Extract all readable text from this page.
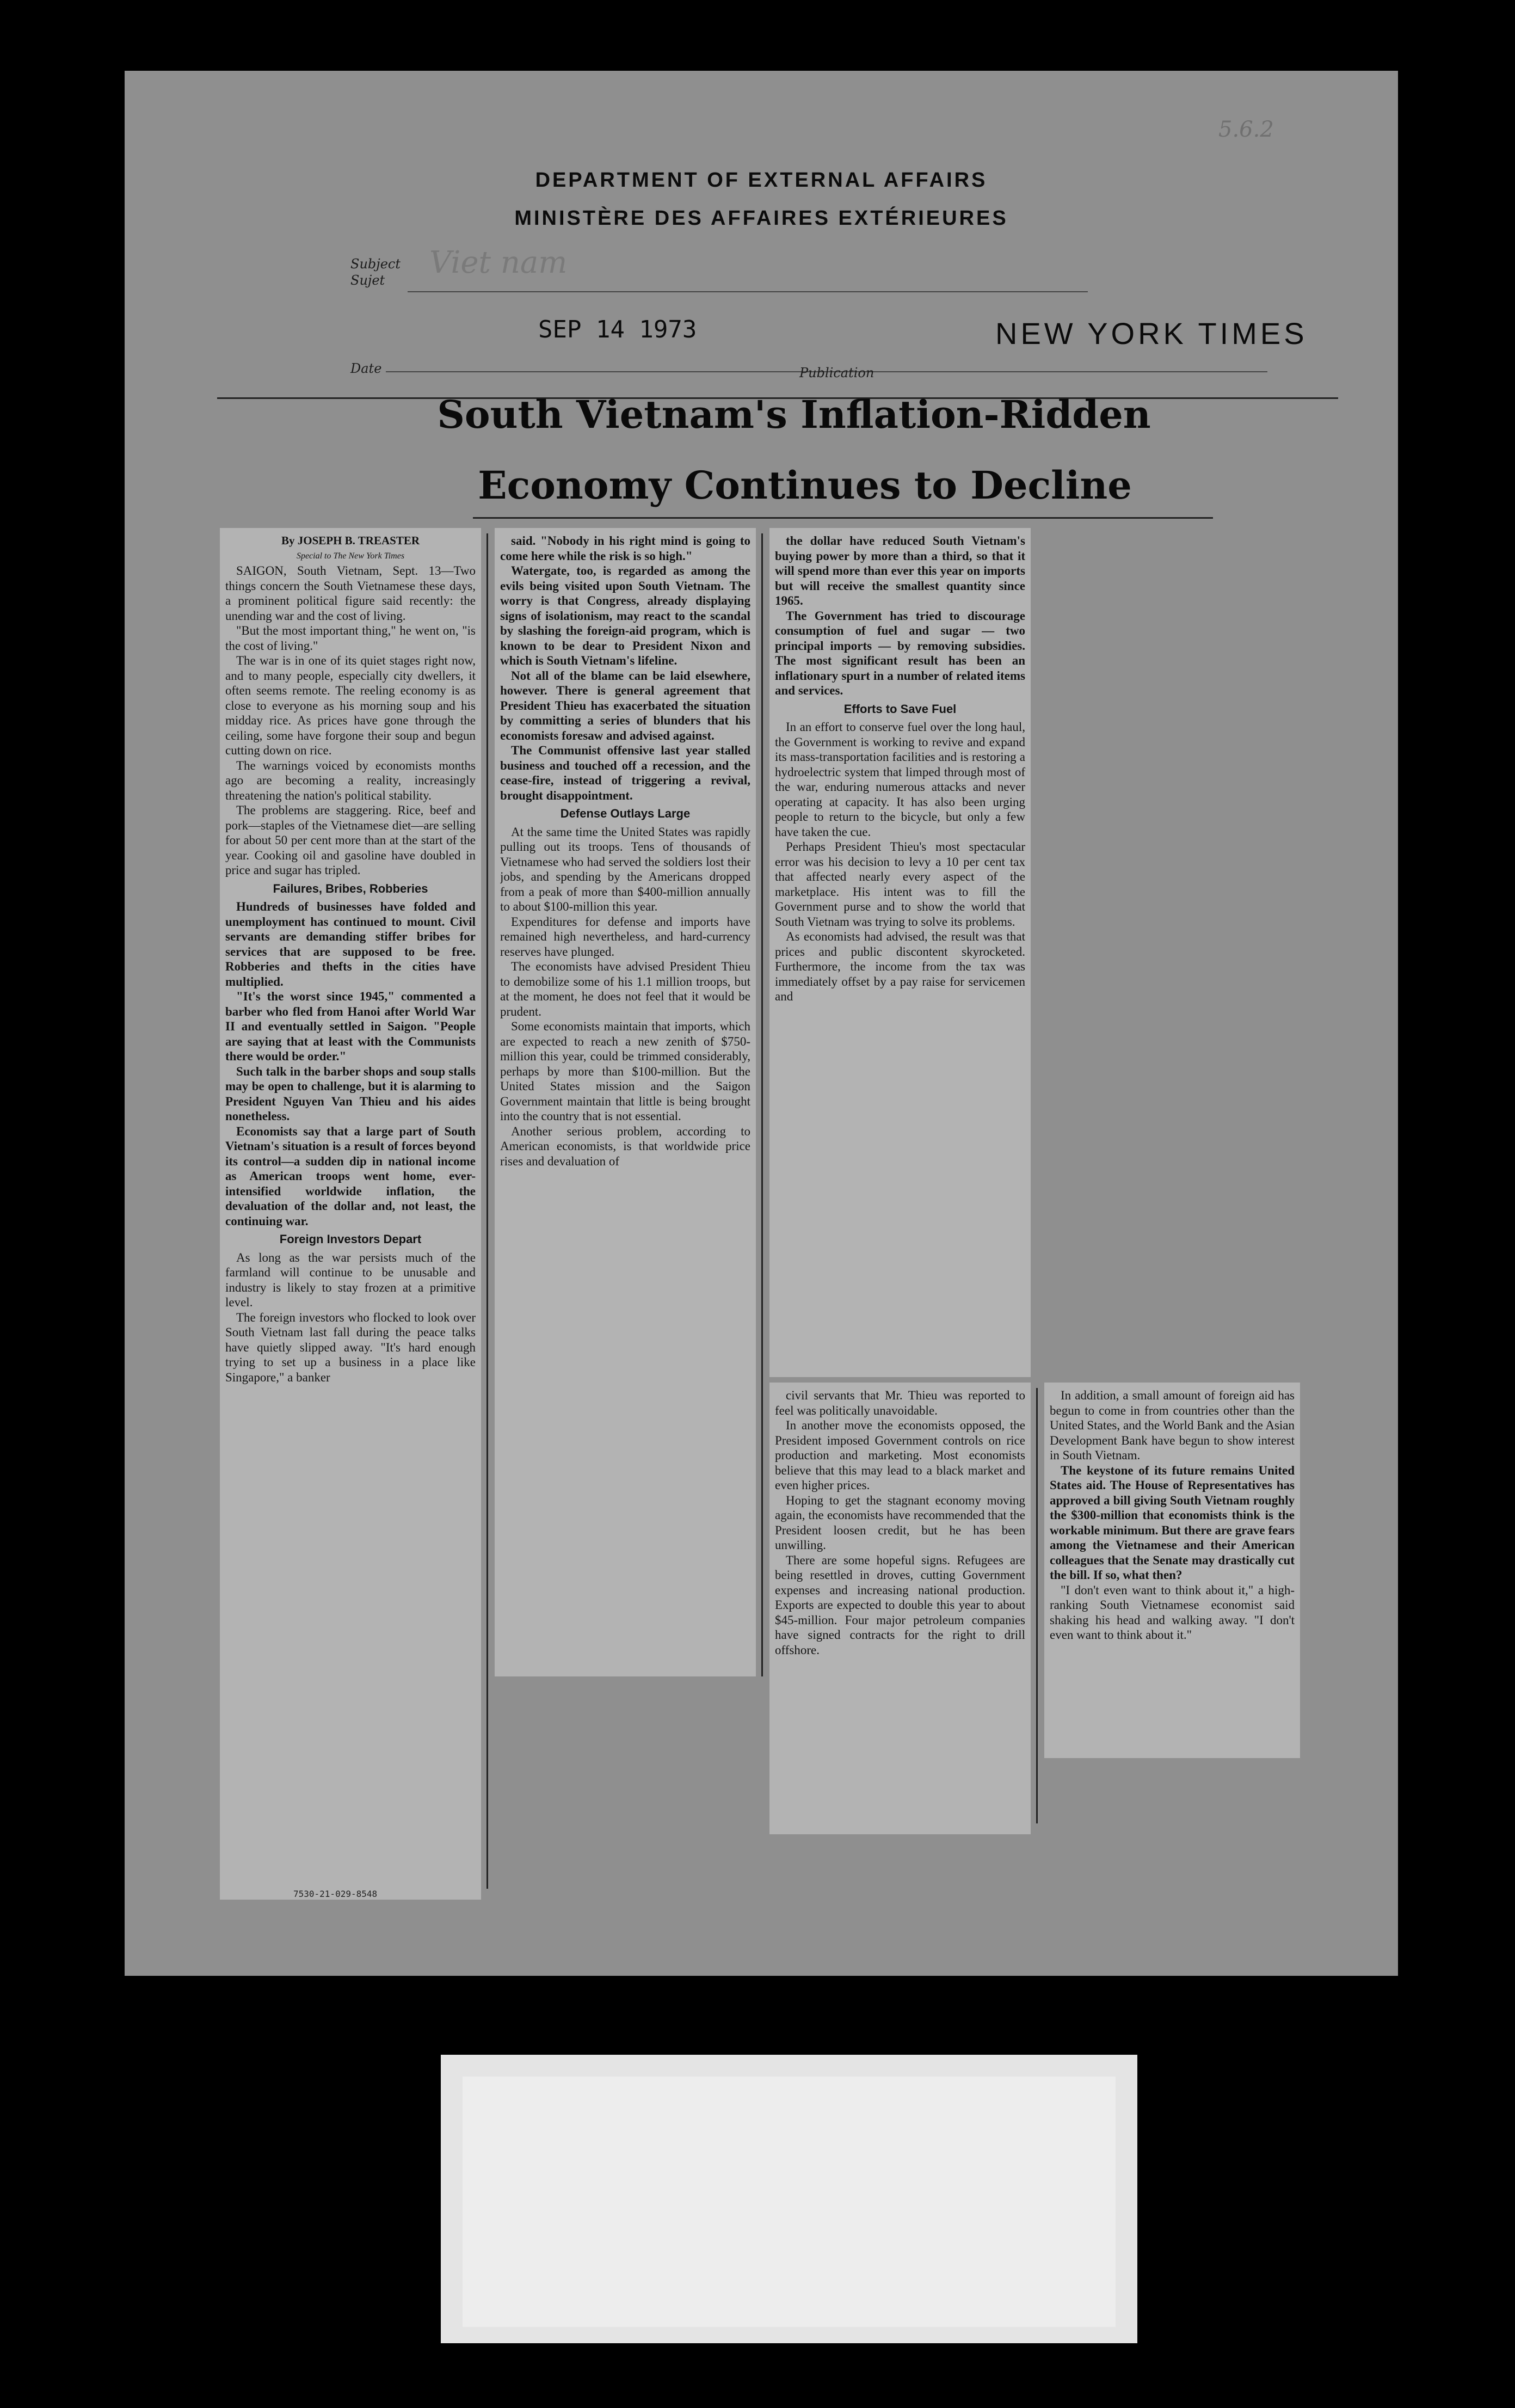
5.6.2
DEPARTMENT OF EXTERNAL AFFAIRS
MINISTÈRE DES AFFAIRES EXTÉRIEURES
Subject
Sujet Viet nam
SEP 14 1973	NEW YORK TIMES
Date	Publication
South Vietnam's Inflation-Ridden
Economy Continues to Decline

By JOSEPH B. TREASTER

Special to The New York Times

SAIGON, South Vietnam, Sept. 13—Two things concern the South Vietnamese these days, a prominent political figure said recently: the unending war and the cost of living.

"But the most important thing," he went on, "is the cost of living."

The war is in one of its quiet stages right now, and to many people, especially city dwellers, it often seems remote. The reeling economy is as close to everyone as his morning soup and his midday rice. As prices have gone through the ceiling, some have forgone their soup and begun cutting down on rice.

The warnings voiced by economists months ago are becoming a reality, increasingly threatening the nation's political stability.

The problems are staggering. Rice, beef and pork—staples of the Vietnamese diet—are selling for about 50 per cent more than at the start of the year. Cooking oil and gasoline have doubled in price and sugar has tripled.

Failures, Bribes, Robberies

Hundreds of businesses have folded and unemployment has continued to mount. Civil servants are demanding stiffer bribes for services that are supposed to be free. Robberies and thefts in the cities have multiplied.

"It's the worst since 1945," commented a barber who fled from Hanoi after World War II and eventually settled in Saigon. "People are saying that at least with the Communists there would be order."

Such talk in the barber shops and soup stalls may be open to challenge, but it is alarming to President Nguyen Van Thieu and his aides nonetheless.

Economists say that a large part of South Vietnam's situation is a result of forces beyond its control—a sudden dip in national income as American troops went home, ever-intensified worldwide inflation, the devaluation of the dollar and, not least, the continuing war.

Foreign Investors Depart

As long as the war persists much of the farmland will continue to be unusable and industry is likely to stay frozen at a primitive level.

The foreign investors who flocked to look over South Vietnam last fall during the peace talks have quietly slipped away. "It's hard enough trying to set up a business in a place like Singapore," a banker

said. "Nobody in his right mind is going to come here while the risk is so high."

Watergate, too, is regarded as among the evils being visited upon South Vietnam. The worry is that Congress, already displaying signs of isolationism, may react to the scandal by slashing the foreign-aid program, which is known to be dear to President Nixon and which is South Vietnam's lifeline.

Not all of the blame can be laid elsewhere, however. There is general agreement that President Thieu has exacerbated the situation by committing a series of blunders that his economists foresaw and advised against.

The Communist offensive last year stalled business and touched off a recession, and the cease-fire, instead of triggering a revival, brought disappointment.

Defense Outlays Large

At the same time the United States was rapidly pulling out its troops. Tens of thousands of Vietnamese who had served the soldiers lost their jobs, and spending by the Americans dropped from a peak of more than $400-million annually to about $100-million this year.

Expenditures for defense and imports have remained high nevertheless, and hard-currency reserves have plunged.

The economists have advised President Thieu to demobilize some of his 1.1 million troops, but at the moment, he does not feel that it would be prudent.

Some economists maintain that imports, which are expected to reach a new zenith of $750-million this year, could be trimmed considerably, perhaps by more than $100-million. But the United States mission and the Saigon Government maintain that little is being brought into the country that is not essential.

Another serious problem, according to American economists, is that worldwide price rises and devaluation of

the dollar have reduced South Vietnam's buying power by more than a third, so that it will spend more than ever this year on imports but will receive the smallest quantity since 1965.

The Government has tried to discourage consumption of fuel and sugar — two principal imports — by removing subsidies. The most significant result has been an inflationary spurt in a number of related items and services.

Efforts to Save Fuel

In an effort to conserve fuel over the long haul, the Government is working to revive and expand its mass-transportation facilities and is restoring a hydroelectric system that limped through most of the war, enduring numerous attacks and never operating at capacity. It has also been urging people to return to the bicycle, but only a few have taken the cue.

Perhaps President Thieu's most spectacular error was his decision to levy a 10 per cent tax that affected nearly every aspect of the marketplace. His intent was to fill the Government purse and to show the world that South Vietnam was trying to solve its problems.

As economists had advised, the result was that prices and public discontent skyrocketed. Furthermore, the income from the tax was immediately offset by a pay raise for servicemen and

civil servants that Mr. Thieu was reported to feel was politically unavoidable.

In another move the economists opposed, the President imposed Government controls on rice production and marketing. Most economists believe that this may lead to a black market and even higher prices.

Hoping to get the stagnant economy moving again, the economists have recommended that the President loosen credit, but he has been unwilling.

There are some hopeful signs. Refugees are being resettled in droves, cutting Government expenses and increasing national production. Exports are expected to double this year to about $45-million. Four major petroleum companies have signed contracts for the right to drill offshore.

In addition, a small amount of foreign aid has begun to come in from countries other than the United States, and the World Bank and the Asian Development Bank have begun to show interest in South Vietnam.

The keystone of its future remains United States aid. The House of Representatives has approved a bill giving South Vietnam roughly the $300-million that economists think is the workable minimum. But there are grave fears among the Vietnamese and their American colleagues that the Senate may drastically cut the bill. If so, what then?

"I don't even want to think about it," a high-ranking South Vietnamese economist said shaking his head and walking away. "I don't even want to think about it."

7530-21-029-8548
